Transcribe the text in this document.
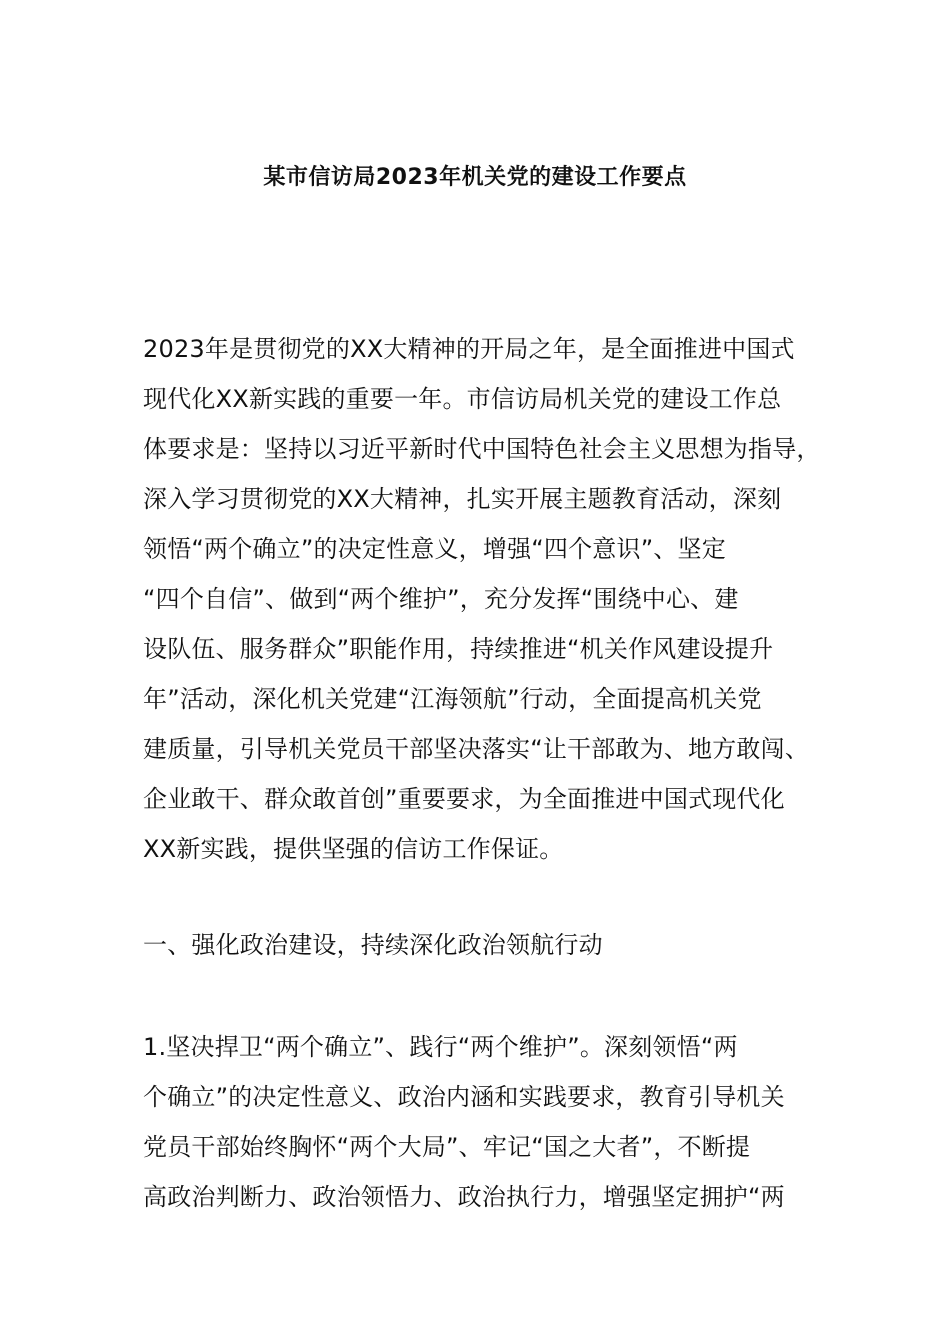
某市信访局2023年机关党的建设工作要点
2023年是贯彻党的XX大精神的开局之年，是全面推进中国式
现代化XX新实践的重要一年。市信访局机关党的建设工作总
体要求是：坚持以习近平新时代中国特色社会主义思想为指导，
深入学习贯彻党的XX大精神，扎实开展主题教育活动，深刻
领悟“两个确立”的决定性意义，增强“四个意识”、坚定
“四个自信”、做到“两个维护”，充分发挥“围绕中心、建
设队伍、服务群众”职能作用，持续推进“机关作风建设提升
年”活动，深化机关党建“江海领航”行动，全面提高机关党
建质量，引导机关党员干部坚决落实“让干部敢为、地方敢闯、
企业敢干、群众敢首创”重要要求，为全面推进中国式现代化
XX新实践，提供坚强的信访工作保证。
一、强化政治建设，持续深化政治领航行动
1.坚决捍卫“两个确立”、践行“两个维护”。深刻领悟“两
个确立”的决定性意义、政治内涵和实践要求，教育引导机关
党员干部始终胸怀“两个大局”、牢记“国之大者”，不断提
高政治判断力、政治领悟力、政治执行力，增强坚定拥护“两
